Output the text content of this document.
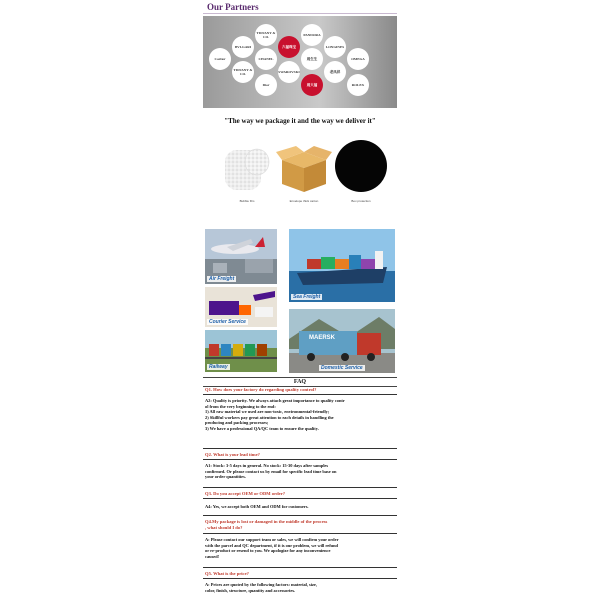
Our Partners
Cartier
BVLGARI
TIFFANY & CO.
TIFFANY & CO.
CHANEL
Dior
六福珠宝
SWAROVSKI
PANDORA
周生生
周大福
LONGINES
老凤祥
OMEGA
ROLEX
"The way we package it and the way we deliver it"
Bubble film	Envelope thick carton	Box protection
Air Freight
Sea Freight
Courier Service
Railway
MAERSK
Domestic Service
FAQ
Q1. How does your factory do regarding quality control?
A2: Quality is priority. We always attach great importance to quality contr
ol from the very beginning to the end:
1) All raw material we used are non-toxic, environmental-friendly;
2) Skillful workers pay great attention to each details in handling the
producing and packing processes;
3) We have a professional QA/QC team to ensure the quality.
Q2. What is your lead time?
A1: Stock: 3-5 days in general. No stock: 15-30 days after samples
confirmed. Or please contact us by email for specific lead time base on
your order quantities.
Q3. Do you accept OEM or ODM order?
A4: Yes, we accept both OEM and ODM for customers.
Q4.My package is lost or damaged in the middle of the process
, what should I do?
A: Please contact our support team or sales, we will confirm your order
with the parcel and QC department, if it is our problem, we will refund
or re-product or resend to you. We apologize for any inconvenience
caused!
Q5. What is the price?
A: Prices are quoted by the following factors: material, size,
color, finish, structure, quantity and accessories.
